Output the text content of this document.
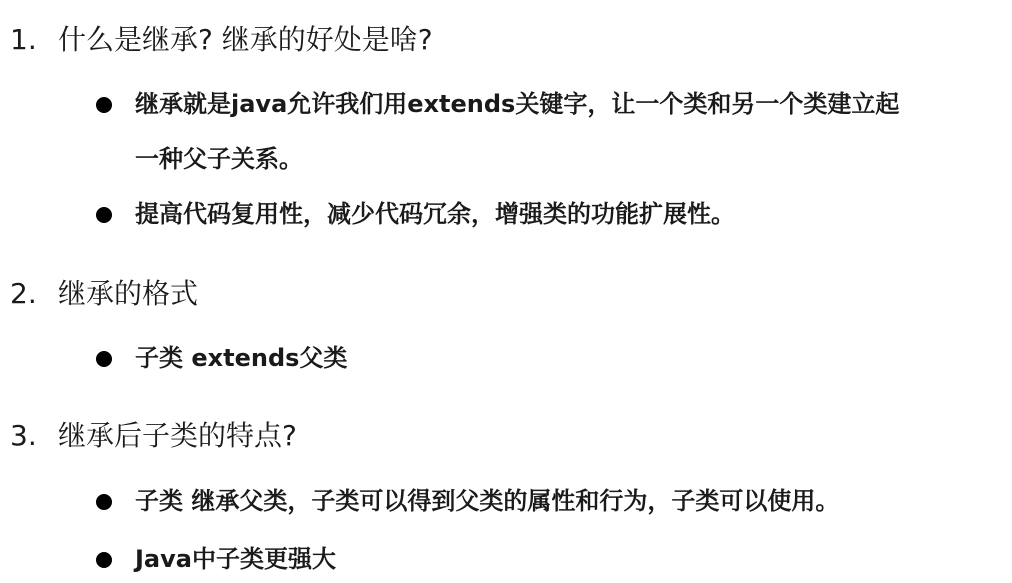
1. 什么是继承? 继承的好处是啥?
继承就是java允许我们用extends关键字，让一个类和另一个类建立起
一种父子关系。
提高代码复用性，减少代码冗余，增强类的功能扩展性。
2. 继承的格式
子类 extends父类
3. 继承后子类的特点?
子类 继承父类，子类可以得到父类的属性和行为，子类可以使用。
Java中子类更强大
